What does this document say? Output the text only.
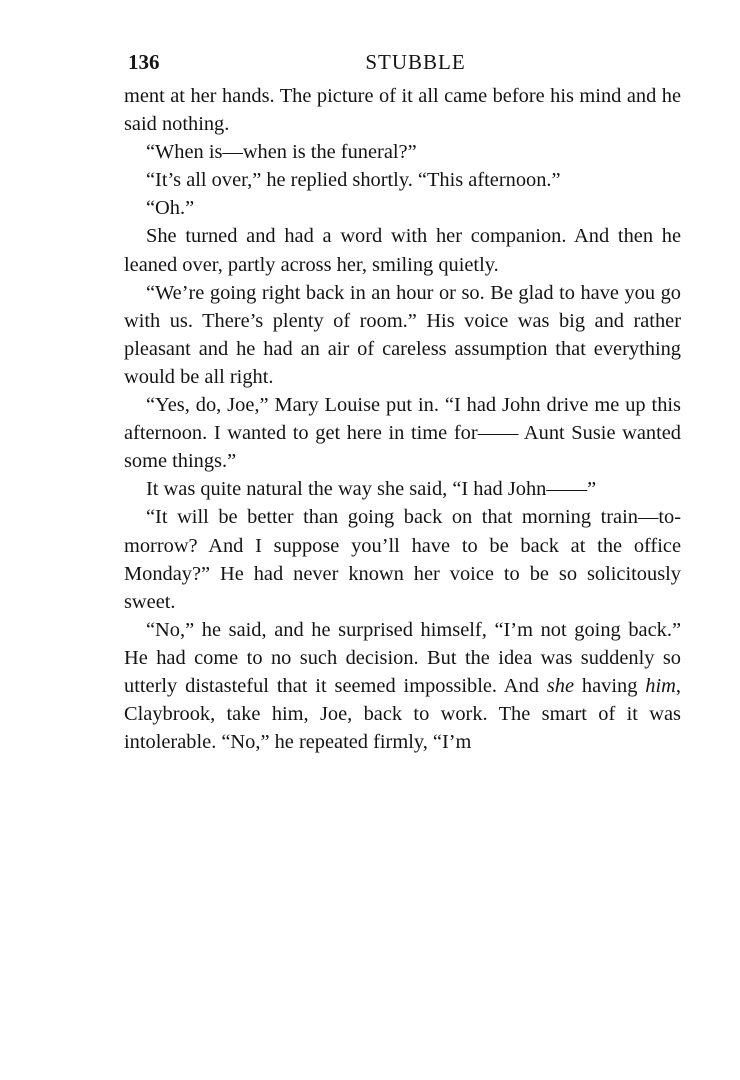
136	STUBBLE

ment at her hands. The picture of it all came before his mind and he said nothing.

“When is—when is the funeral?”

“It’s all over,” he replied shortly. “This afternoon.”

“Oh.”

She turned and had a word with her companion. And then he leaned over, partly across her, smiling quietly.

“We’re going right back in an hour or so. Be glad to have you go with us. There’s plenty of room.” His voice was big and rather pleasant and he had an air of careless assumption that everything would be all right.

“Yes, do, Joe,” Mary Louise put in. “I had John drive me up this afternoon. I wanted to get here in time for—— Aunt Susie wanted some things.”

It was quite natural the way she said, “I had John——”

“It will be better than going back on that morning train—to-morrow? And I suppose you’ll have to be back at the office Monday?” He had never known her voice to be so solicitously sweet.

“No,” he said, and he surprised himself, “I’m not going back.” He had come to no such decision. But the idea was suddenly so utterly distasteful that it seemed impossible. And she having him, Claybrook, take him, Joe, back to work. The smart of it was intolerable. “No,” he repeated firmly, “I’m
